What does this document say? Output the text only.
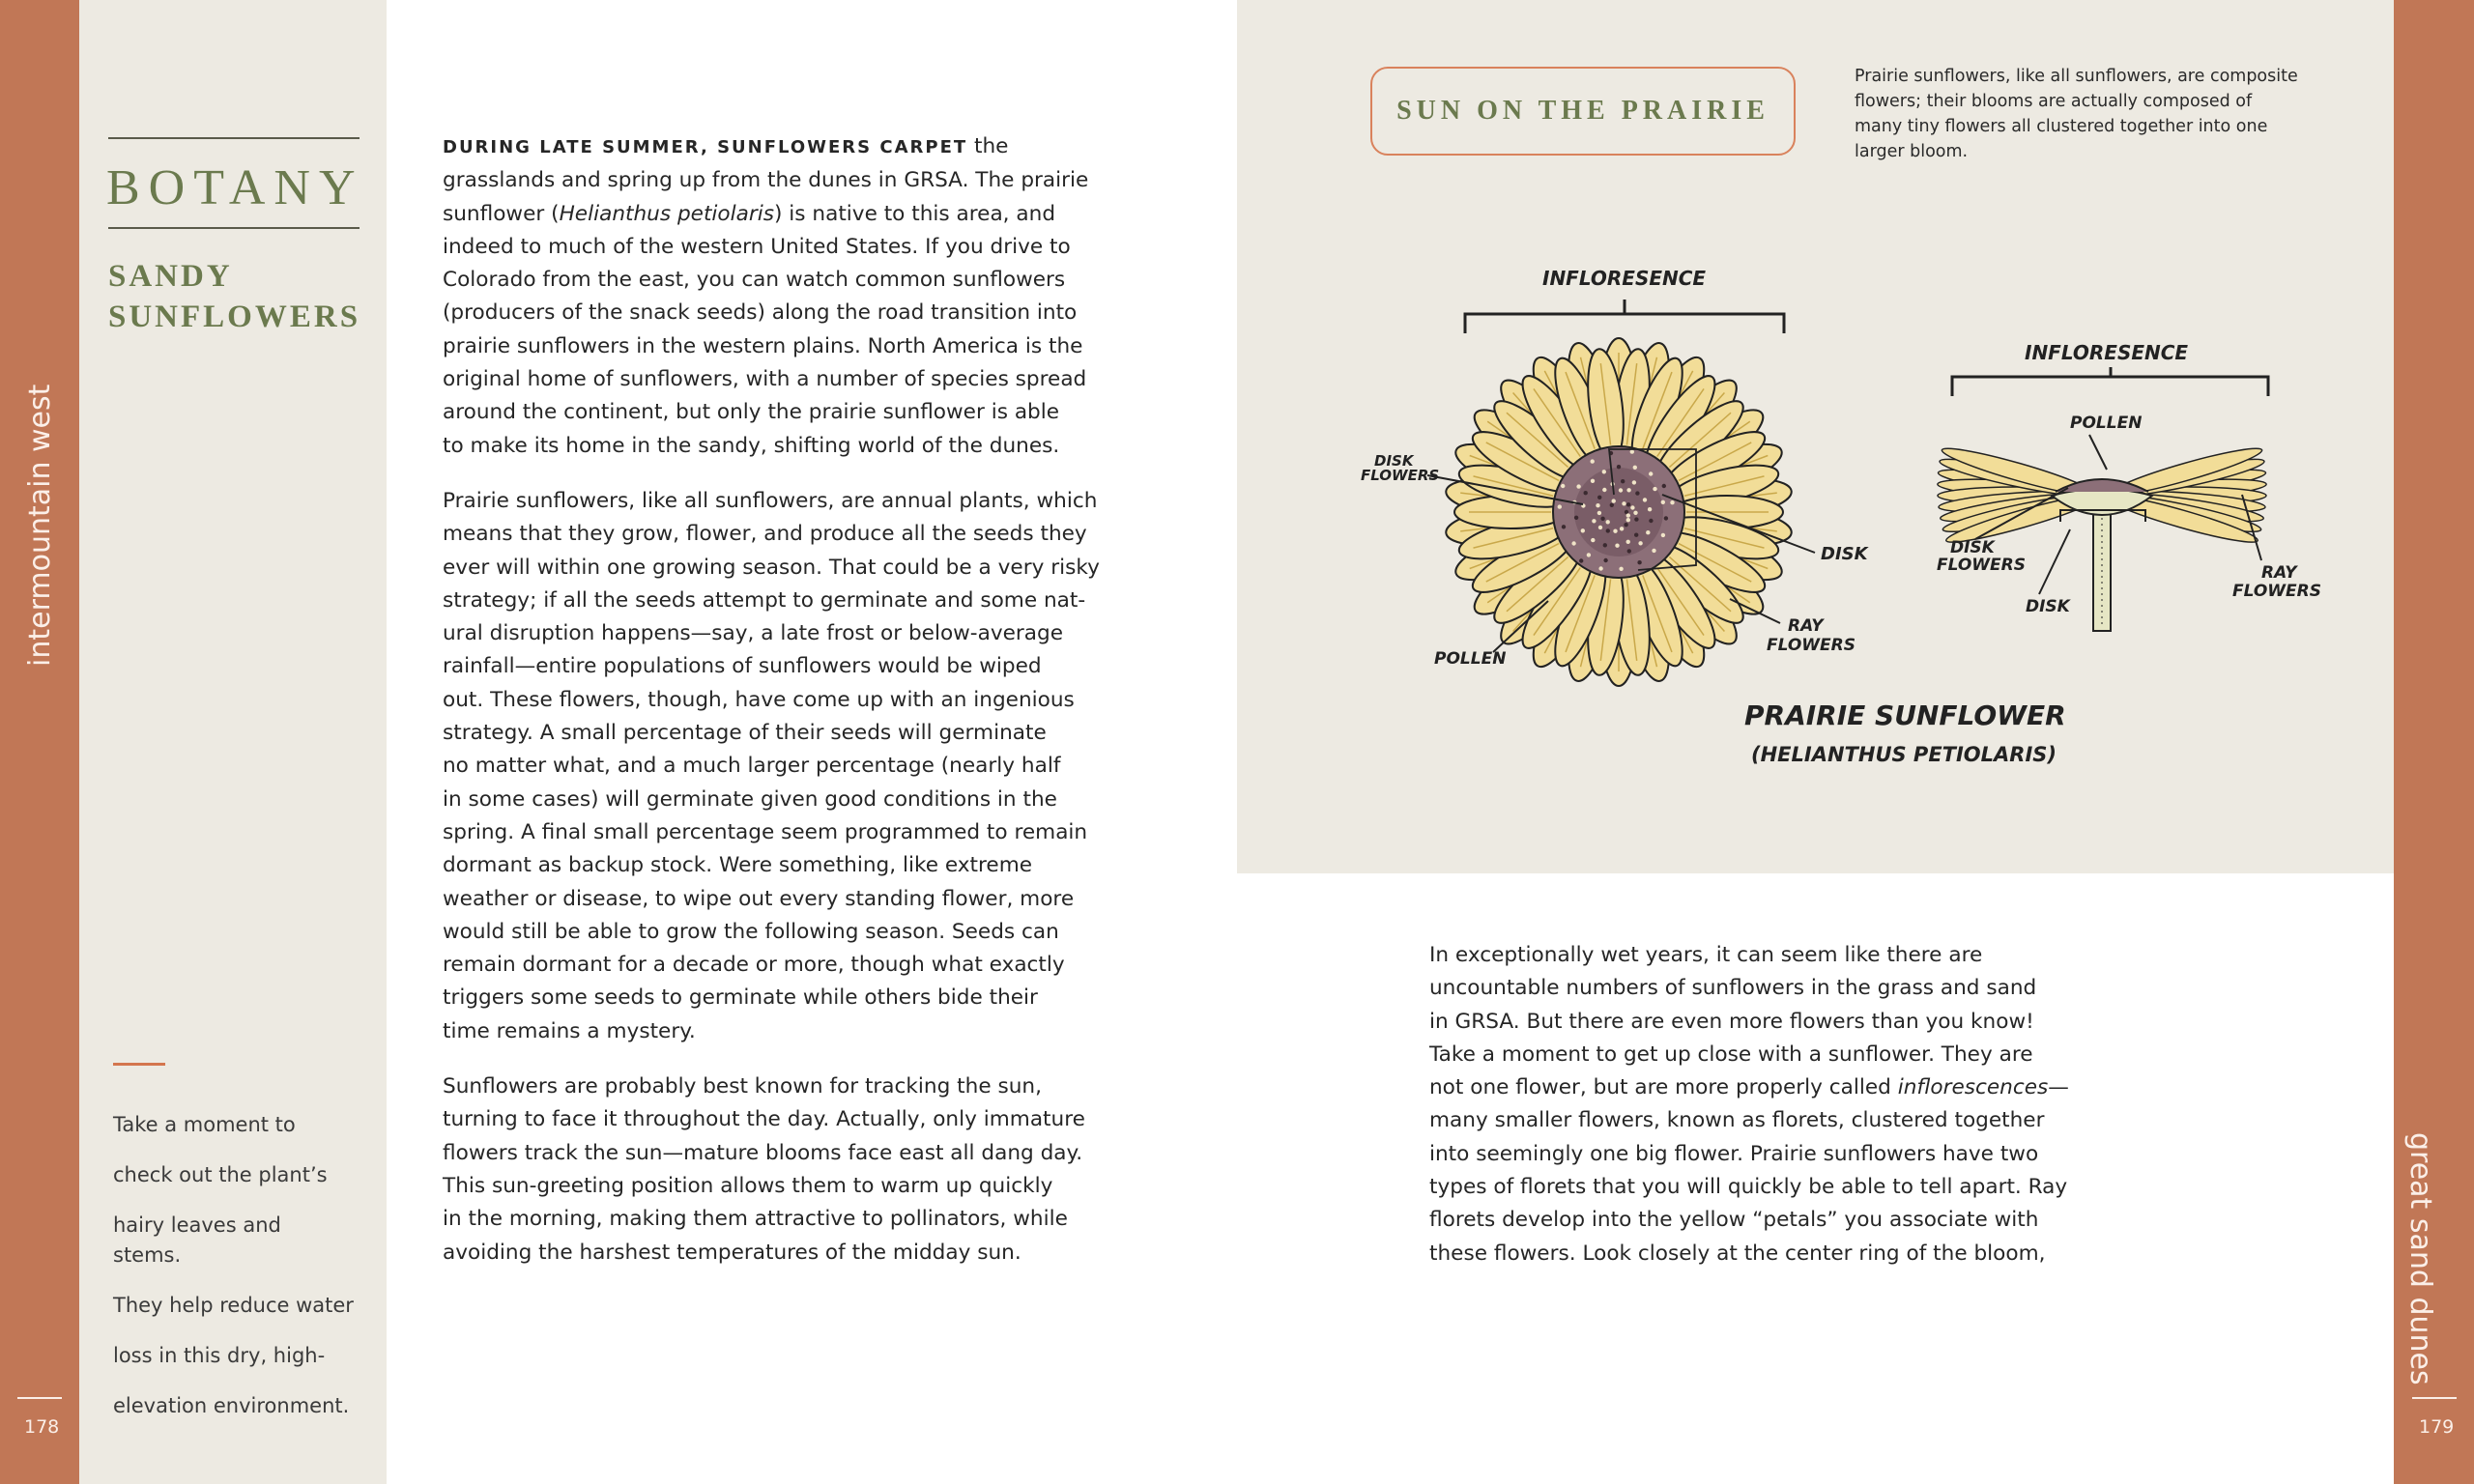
intermountain west
great sand dunes
178	179
BOTANY
SANDY
SUNFLOWERS

Take a moment to

check out the plant’s

hairy leaves and stems.

They help reduce water

loss in this dry, high-

elevation environment.

DURING LATE SUMMER, SUNFLOWERS CARPET the

grasslands and spring up from the dunes in GRSA. The prairie

sunflower (Helianthus petiolaris) is native to this area, and

indeed to much of the western United States. If you drive to

Colorado from the east, you can watch common sunflowers

(producers of the snack seeds) along the road transition into

prairie sunflowers in the western plains. North America is the

original home of sunflowers, with a number of species spread

around the continent, but only the prairie sunflower is able

to make its home in the sandy, shifting world of the dunes.

Prairie sunflowers, like all sunflowers, are annual plants, which

means that they grow, flower, and produce all the seeds they

ever will within one growing season. That could be a very risky

strategy; if all the seeds attempt to germinate and some nat-

ural disruption happens—say, a late frost or below-average

rainfall—entire populations of sunflowers would be wiped

out. These flowers, though, have come up with an ingenious

strategy. A small percentage of their seeds will germinate

no matter what, and a much larger percentage (nearly half

in some cases) will germinate given good conditions in the

spring. A final small percentage seem programmed to remain

dormant as backup stock. Were something, like extreme

weather or disease, to wipe out every standing flower, more

would still be able to grow the following season. Seeds can

remain dormant for a decade or more, though what exactly

triggers some seeds to germinate while others bide their

time remains a mystery.

Sunflowers are probably best known for tracking the sun,

turning to face it throughout the day. Actually, only immature

flowers track the sun—mature blooms face east all dang day.

This sun-greeting position allows them to warm up quickly

in the morning, making them attractive to pollinators, while

avoiding the harshest temperatures of the midday sun.

SUN ON THE PRAIRIE

Prairie sunflowers, like all sunflowers, are composite

flowers; their blooms are actually composed of

many tiny flowers all clustered together into one

larger bloom.

INFLORESENCE
DISK
FLOWERS
DISK
RAY
FLOWERS
POLLEN
INFLORESENCE
POLLEN
DISK
FLOWERS
DISK
RAY
FLOWERS
PRAIRIE SUNFLOWER
(HELIANTHUS PETIOLARIS)

In exceptionally wet years, it can seem like there are

uncountable numbers of sunflowers in the grass and sand

in GRSA. But there are even more flowers than you know!

Take a moment to get up close with a sunflower. They are

not one flower, but are more properly called inflorescences—

many smaller flowers, known as florets, clustered together

into seemingly one big flower. Prairie sunflowers have two

types of florets that you will quickly be able to tell apart. Ray

florets develop into the yellow “petals” you associate with

these flowers. Look closely at the center ring of the bloom,
